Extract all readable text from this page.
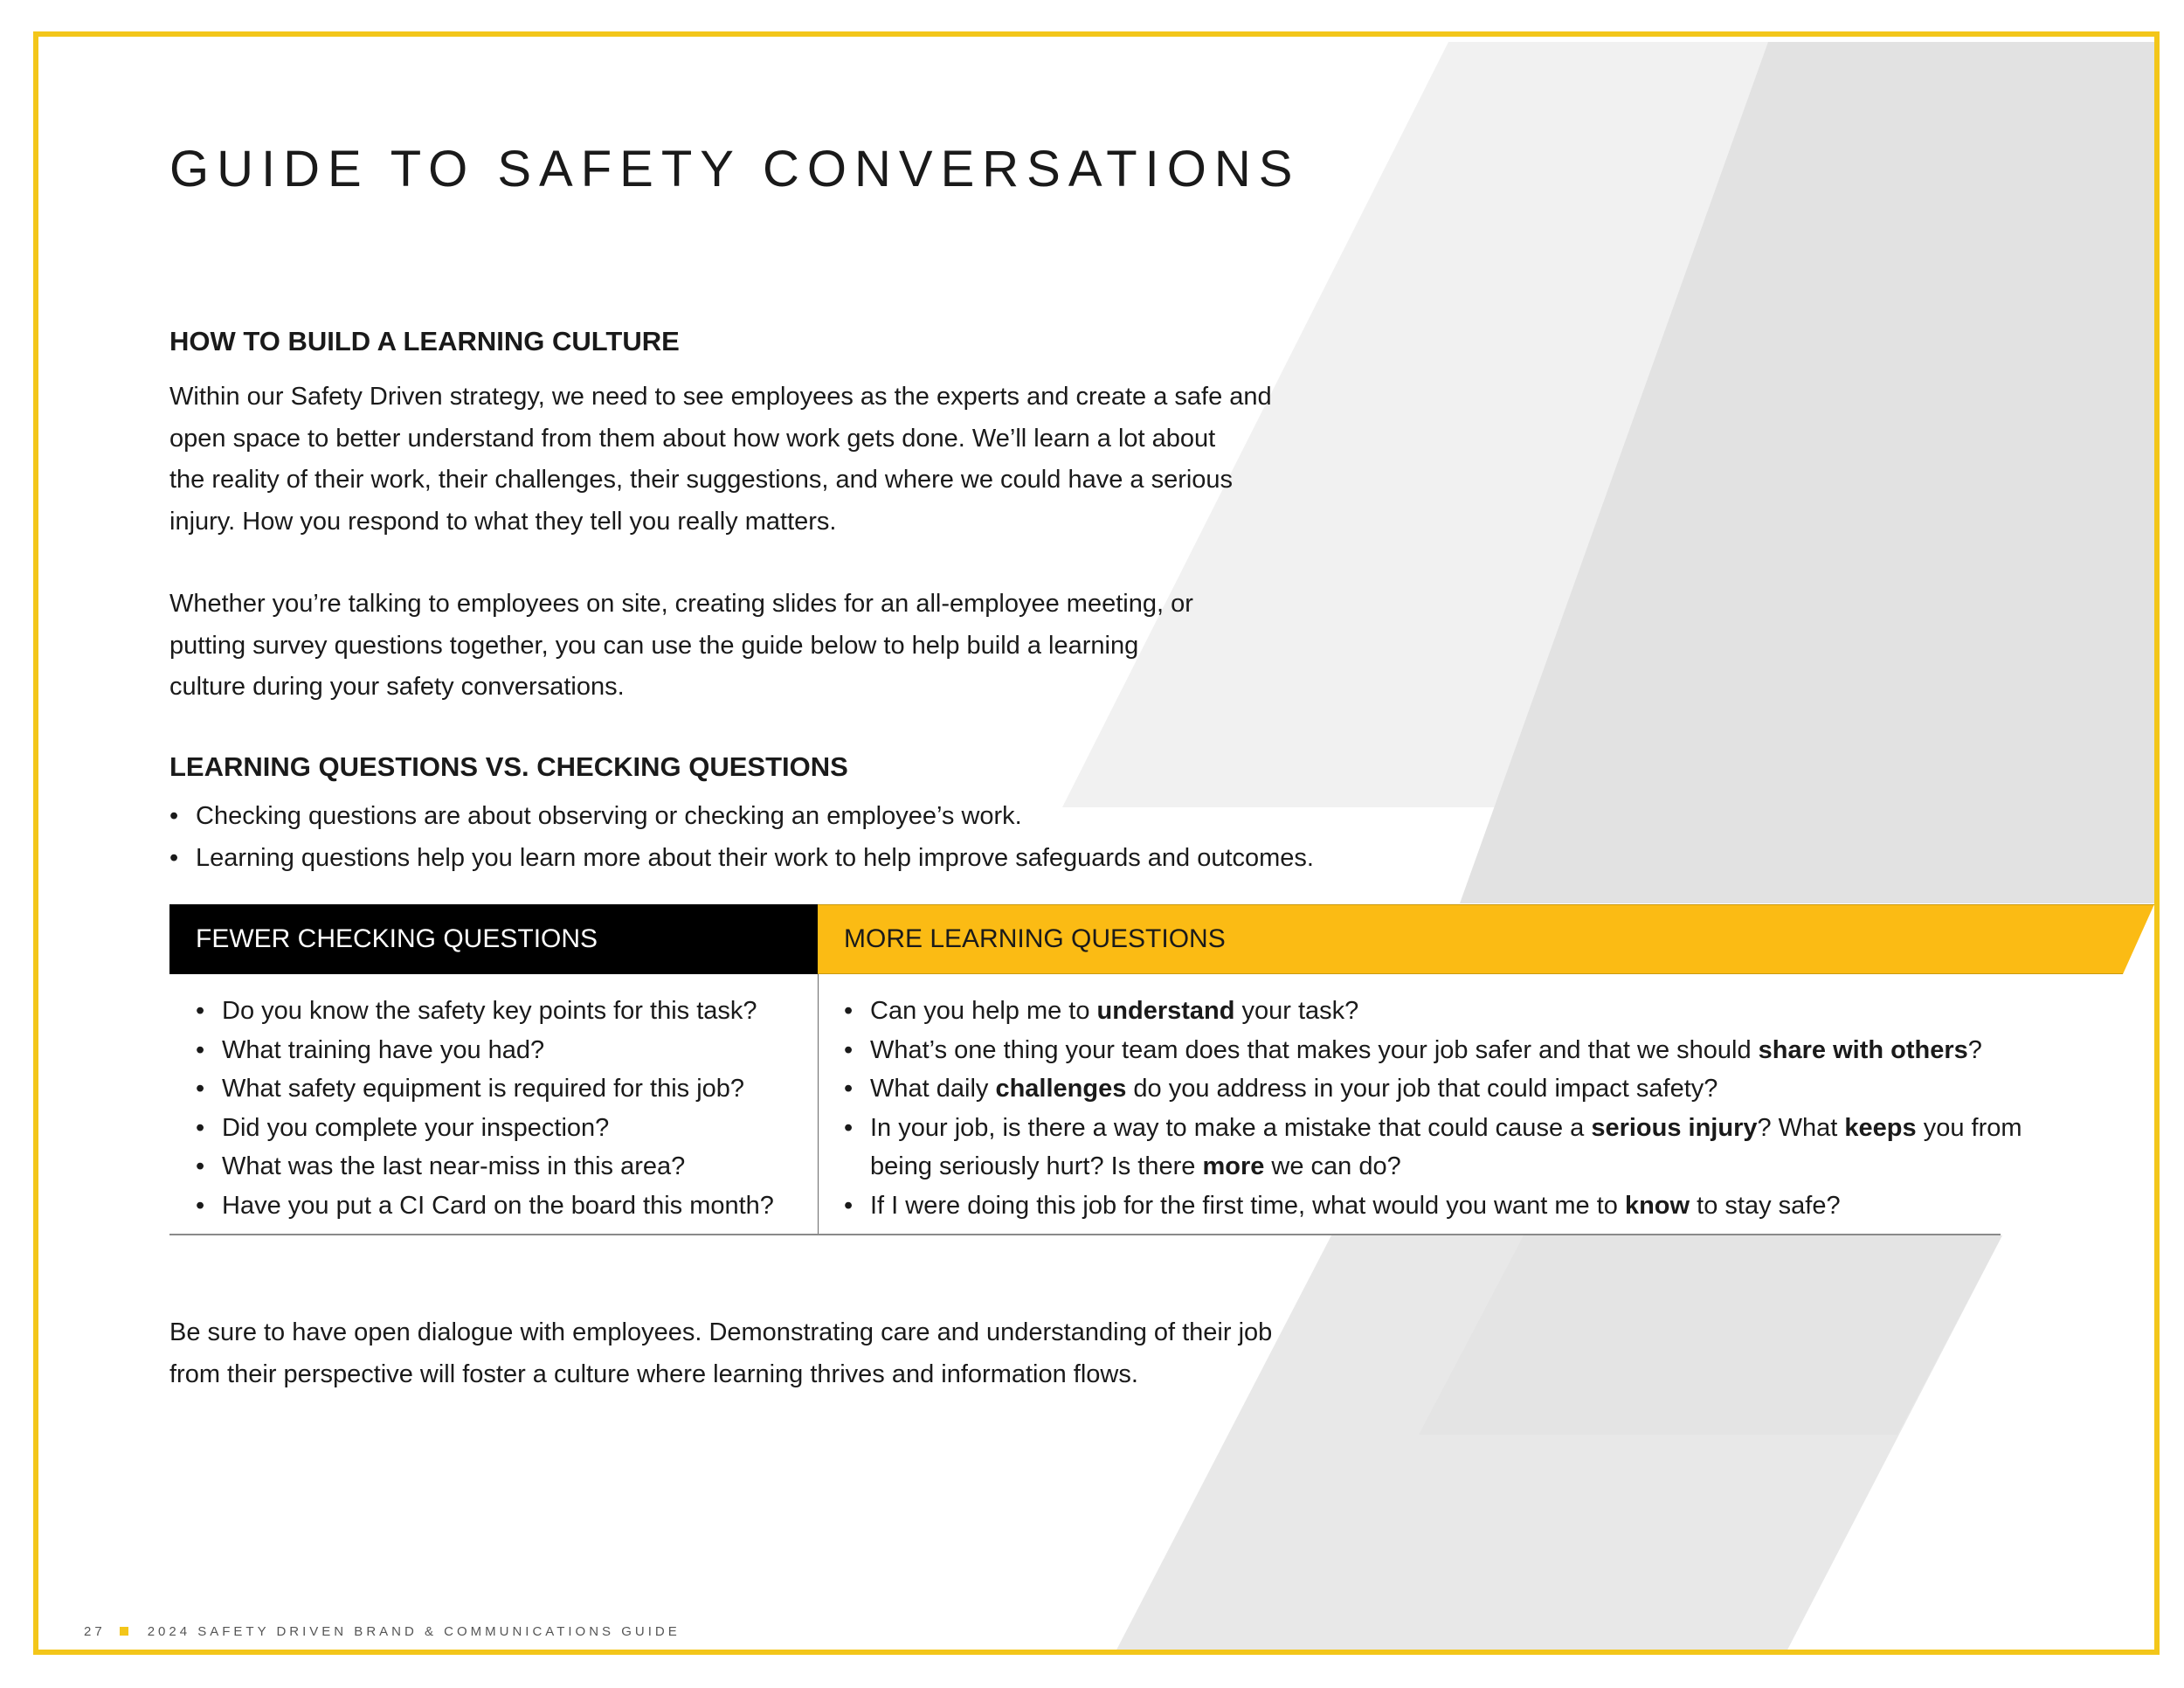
GUIDE TO SAFETY CONVERSATIONS
HOW TO BUILD A LEARNING CULTURE

Within our Safety Driven strategy, we need to see employees as the experts and create a safe and
open space to better understand from them about how work gets done. We’ll learn a lot about
the reality of their work, their challenges, their suggestions, and where we could have a serious
injury. How you respond to what they tell you really matters.

Whether you’re talking to employees on site, creating slides for an all-employee meeting, or
putting survey questions together, you can use the guide below to help build a learning
culture during your safety conversations.

LEARNING QUESTIONS VS. CHECKING QUESTIONS
• Checking questions are about observing or checking an employee’s work.
• Learning questions help you learn more about their work to help improve safeguards and outcomes.
FEWER CHECKING QUESTIONS	MORE LEARNING QUESTIONS
• Do you know the safety key points for this task?
• What training have you had?
• What safety equipment is required for this job?
• Did you complete your inspection?
• What was the last near-miss in this area?
• Have you put a CI Card on the board this month?
• Can you help me to understand your task?
• What’s one thing your team does that makes your job safer and that we should share with others?
• What daily challenges do you address in your job that could impact safety?
• In your job, is there a way to make a mistake that could cause a serious injury? What keeps you from
being seriously hurt? Is there more we can do?
• If I were doing this job for the first time, what would you want me to know to stay safe?

Be sure to have open dialogue with employees. Demonstrating care and understanding of their job
from their perspective will foster a culture where learning thrives and information flows.

27	2024 SAFETY DRIVEN BRAND & COMMUNICATIONS GUIDE
